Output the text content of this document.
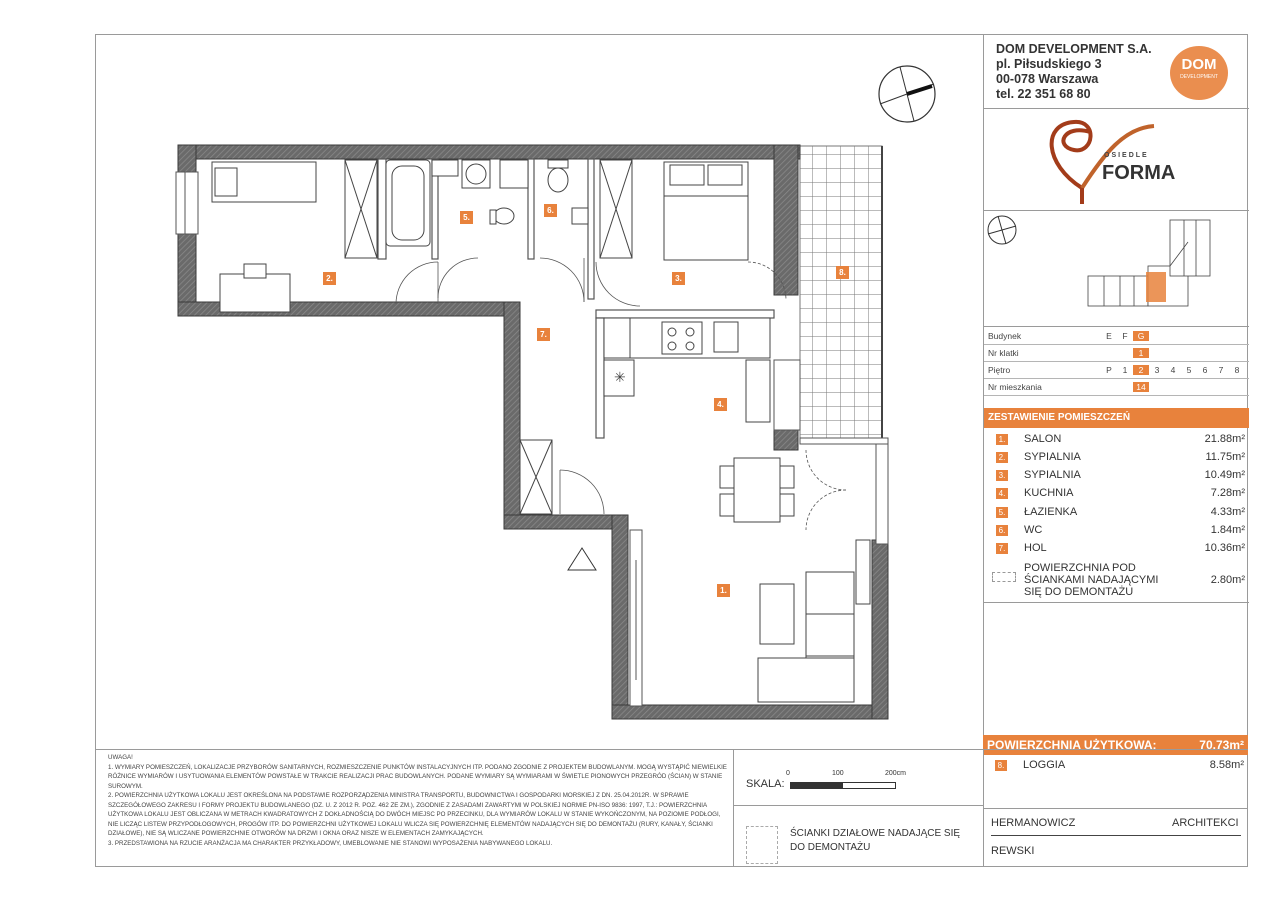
✳
1.
2.	3.
4.
5.
6.
7.
8.
DOM DEVELOPMENT S.A.
pl. Piłsudskiego 3
00-078 Warszawa
tel. 22 351 68 80
DOM
DEVELOPMENT
OSIEDLE
FORMA
Budynek	E	F	G
Nr klatki	1
Piętro	P	1	2	3	4	5	6	7	8
Nr mieszkania	14
ZESTAWIENIE POMIESZCZEŃ
1. SALON	21.88m²
2. SYPIALNIA	11.75m²
3. SYPIALNIA	10.49m²
4. KUCHNIA	7.28m²
5. ŁAZIENKA	4.33m²
6. WC	1.84m²
7. HOL	10.36m²
POWIERZCHNIA POD
ŚCIANKAMI NADAJĄCYMI
SIĘ DO DEMONTAŻU
2.80m²
POWIERZCHNIA UŻYTKOWA:	70.73m²
8. LOGGIA	8.58m²

UWAGA!

1. WYMIARY POMIESZCZEŃ, LOKALIZACJE PRZYBORÓW SANITARNYCH, ROZMIESZCZENIE PUNKTÓW INSTALACYJNYCH ITP. PODANO ZGODNIE Z PROJEKTEM BUDOWLANYM. MOGĄ WYSTĄPIĆ NIEWIELKIE RÓŻNICE WYMIARÓW I USYTUOWANIA ELEMENTÓW POWSTAŁE W TRAKCIE REALIZACJI PRAC BUDOWLANYCH. PODANE WYMIARY SĄ WYMIARAMI W ŚWIETLE PIONOWYCH PRZEGRÓD (ŚCIAN) W STANIE SUROWYM.

2. POWIERZCHNIA UŻYTKOWA LOKALU JEST OKREŚLONA NA PODSTAWIE ROZPORZĄDZENIA MINISTRA TRANSPORTU, BUDOWNICTWA I GOSPODARKI MORSKIEJ Z DN. 25.04.2012R. W SPRAWIE SZCZEGÓŁOWEGO ZAKRESU I FORMY PROJEKTU BUDOWLANEGO (DZ. U. Z 2012 R. POZ. 462 ZE ZM.), ZGODNIE Z ZASADAMI ZAWARTYMI W POLSKIEJ NORMIE PN-ISO 9836: 1997, T.J.: POWIERZCHNIA UŻYTKOWA LOKALU JEST OBLICZANA W METRACH KWADRATOWYCH Z DOKŁADNOŚCIĄ DO DWÓCH MIEJSC PO PRZECINKU, DLA WYMIARÓW LOKALU W STANIE WYKOŃCZONYM, NA POZIOMIE PODŁOGI, NIE LICZĄC LISTEW PRZYPODŁOGOWYCH, PROGÓW ITP. DO POWIERZCHNI UŻYTKOWEJ LOKALU WLICZA SIĘ POWIERZCHNIĘ ELEMENTÓW NADAJĄCYCH SIĘ DO DEMONTAŻU (RURY, KANAŁY, ŚCIANKI DZIAŁOWE), NIE SĄ WLICZANE POWIERZCHNIE OTWORÓW NA DRZWI I OKNA ORAZ NISZE W ELEMENTACH ZAMYKAJĄCYCH.

3. PRZEDSTAWIONA NA RZUCIE ARANŻACJA MA CHARAKTER PRZYKŁADOWY, UMEBLOWANIE NIE STANOWI WYPOSAŻENIA NABYWANEGO LOKALU.

SKALA:
0	100	200cm
ŚCIANKI DZIAŁOWE NADAJĄCE SIĘ
DO DEMONTAŻU
HERMANOWICZ	ARCHITEKCI
REWSKI
